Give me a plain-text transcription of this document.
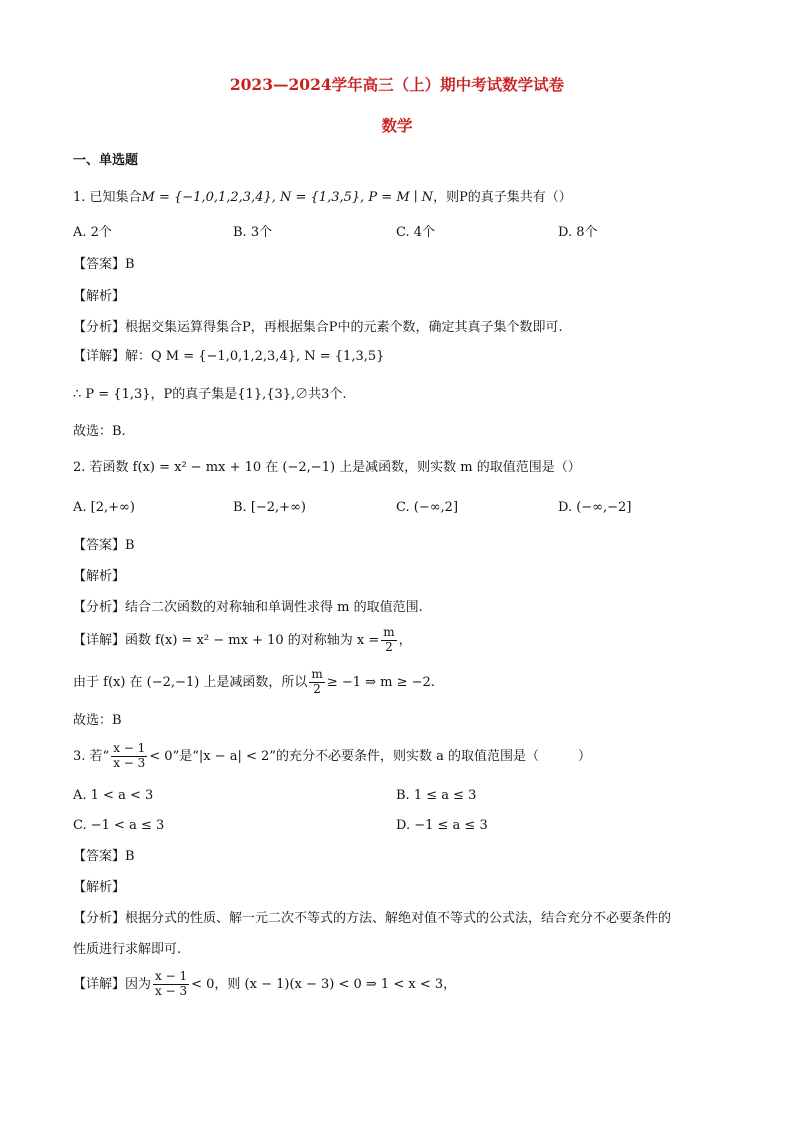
2023—2024学年高三（上）期中考试数学试卷
数学
一、单选题
1. 已知集合M = {−1,0,1,2,3,4}, N = {1,3,5}, P = M ∣ N，则P的真子集共有（）
A. 2个	B. 3个	C. 4个	D. 8个
【答案】B
【解析】
【分析】根据交集运算得集合P，再根据集合P中的元素个数，确定其真子集个数即可.
【详解】解：Q M = {−1,0,1,2,3,4}, N = {1,3,5}
∴ P = {1,3}，P的真子集是{1},{3},∅共3个.
故选：B.
2. 若函数 f(x) = x² − mx + 10 在 (−2,−1) 上是减函数，则实数 m 的取值范围是（）
A. [2,+∞)	B. [−2,+∞)	C. (−∞,2]	D. (−∞,−2]
【答案】B
【解析】
【分析】结合二次函数的对称轴和单调性求得 m 的取值范围.
【详解】函数 f(x) = x² − mx + 10 的对称轴为 $x = \frac{m}{2}$ ，
由于 f(x) 在 (−2,−1) 上是减函数，所以 $\frac{m}{2} \ge -1$ ⇒ m ≥ −2.
故选：B
3. 若“ $\frac{x - 1}{x - 3} < 0$”是“|x − a| < 2”的充分不必要条件，则实数 a 的取值范围是（　　　）
A. 1 < a < 3	B. 1 ≤ a ≤ 3
C. −1 < a ≤ 3	D. −1 ≤ a ≤ 3
【答案】B
【解析】
【分析】根据分式的性质、解一元二次不等式的方法、解绝对值不等式的公式法，结合充分不必要条件的
性质进行求解即可.
【详解】因为 $\frac{x - 1}{x - 3} < 0$，则 (x − 1)(x − 3) < 0 ⇒ 1 < x < 3，
